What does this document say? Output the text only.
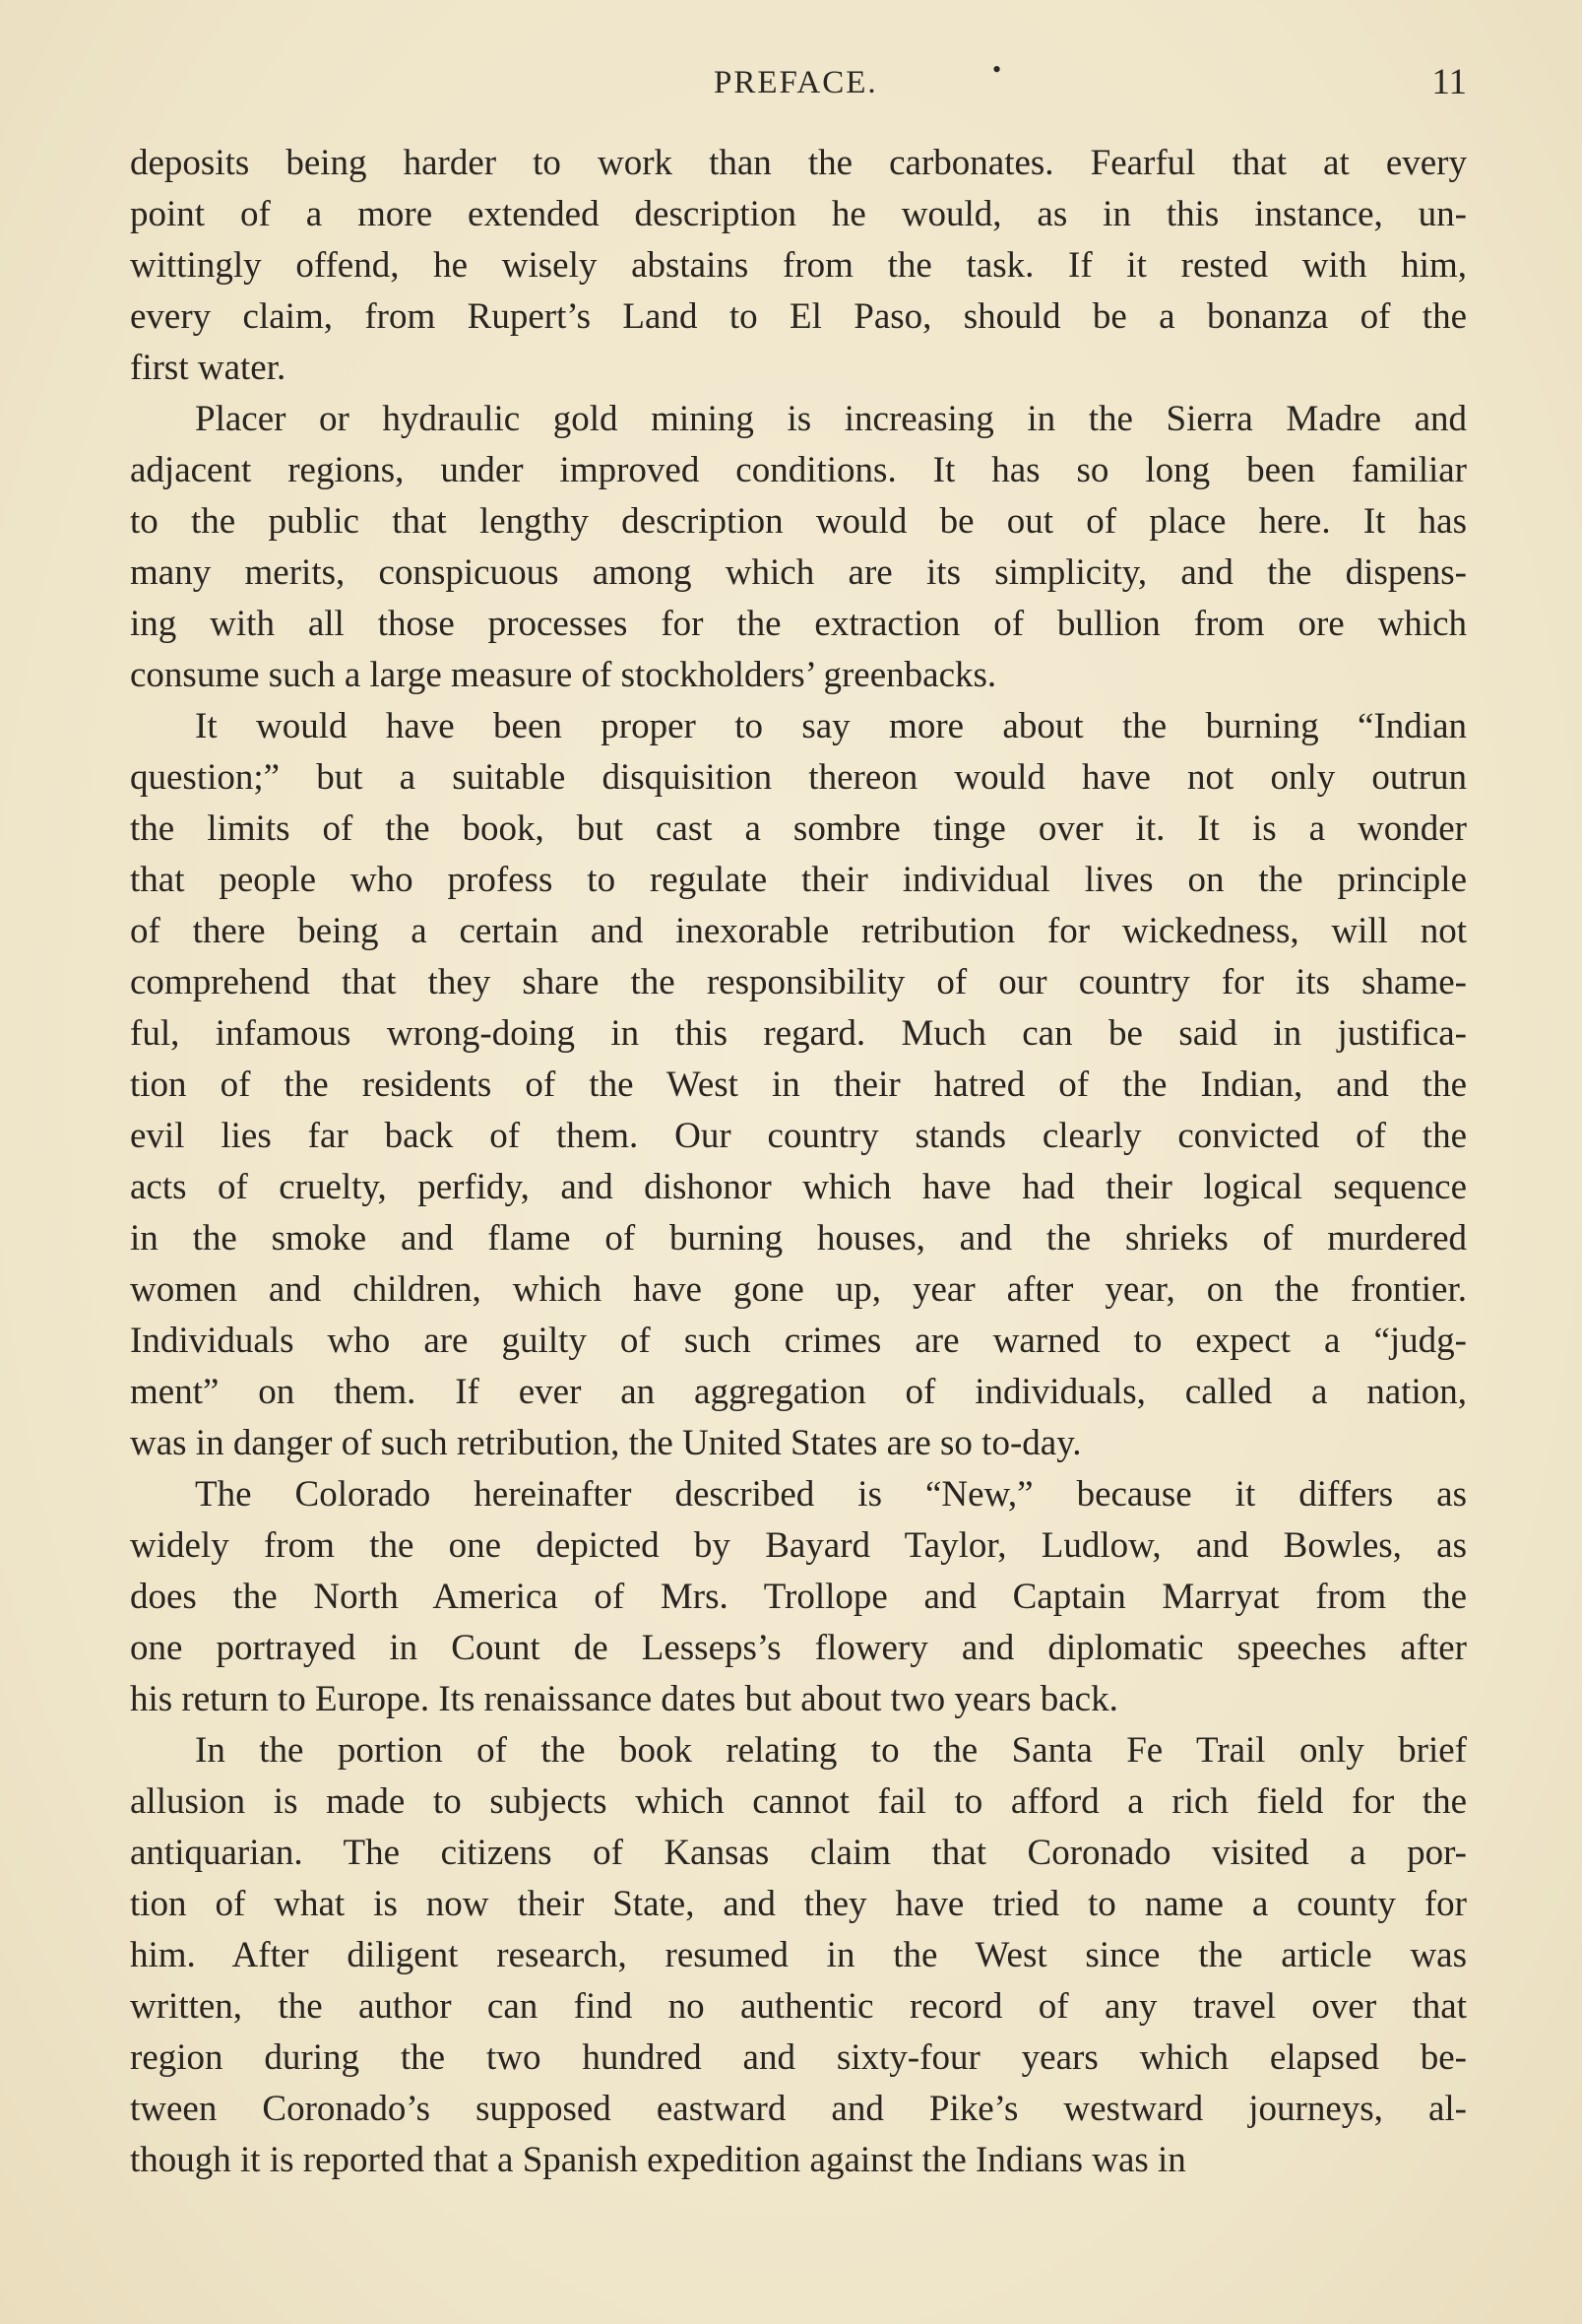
PREFACE.	•	11
deposits being harder to work than the carbonates. Fearful that at every
point of a more extended description he would, as in this instance, un-
wittingly offend, he wisely abstains from the task. If it rested with him,
every claim, from Rupert’s Land to El Paso, should be a bonanza of the
first water.
Placer or hydraulic gold mining is increasing in the Sierra Madre and
adjacent regions, under improved conditions. It has so long been familiar
to the public that lengthy description would be out of place here. It has
many merits, conspicuous among which are its simplicity, and the dispens-
ing with all those processes for the extraction of bullion from ore which
consume such a large measure of stockholders’ greenbacks.
It would have been proper to say more about the burning “Indian
question;” but a suitable disquisition thereon would have not only outrun
the limits of the book, but cast a sombre tinge over it. It is a wonder
that people who profess to regulate their individual lives on the principle
of there being a certain and inexorable retribution for wickedness, will not
comprehend that they share the responsibility of our country for its shame-
ful, infamous wrong-doing in this regard. Much can be said in justifica-
tion of the residents of the West in their hatred of the Indian, and the
evil lies far back of them. Our country stands clearly convicted of the
acts of cruelty, perfidy, and dishonor which have had their logical sequence
in the smoke and flame of burning houses, and the shrieks of murdered
women and children, which have gone up, year after year, on the frontier.
Individuals who are guilty of such crimes are warned to expect a “judg-
ment” on them. If ever an aggregation of individuals, called a nation,
was in danger of such retribution, the United States are so to-day.
The Colorado hereinafter described is “New,” because it differs as
widely from the one depicted by Bayard Taylor, Ludlow, and Bowles, as
does the North America of Mrs. Trollope and Captain Marryat from the
one portrayed in Count de Lesseps’s flowery and diplomatic speeches after
his return to Europe. Its renaissance dates but about two years back.
In the portion of the book relating to the Santa Fe Trail only brief
allusion is made to subjects which cannot fail to afford a rich field for the
antiquarian. The citizens of Kansas claim that Coronado visited a por-
tion of what is now their State, and they have tried to name a county for
him. After diligent research, resumed in the West since the article was
written, the author can find no authentic record of any travel over that
region during the two hundred and sixty-four years which elapsed be-
tween Coronado’s supposed eastward and Pike’s westward journeys, al-
though it is reported that a Spanish expedition against the Indians was in
